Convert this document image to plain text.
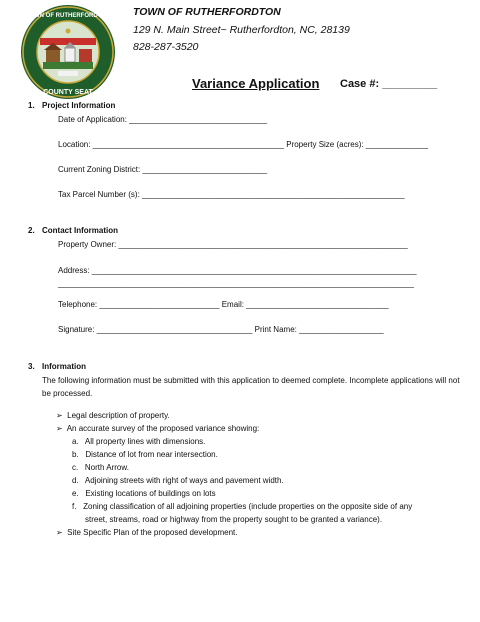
TOWN OF RUTHERFORDTON
COUNTY SEAT
TOWN OF RUTHERFORDTON
129 N. Main Street~ Rutherfordton, NC, 28139
828-287-3520
Variance Application Case #: _________
1. Project Information
Date of Application: _______________________________
Location: ___________________________________________ Property Size (acres): ______________
Current Zoning District: ____________________________
Tax Parcel Number (s): ___________________________________________________________
2. Contact Information
Property Owner: _________________________________________________________________
Address: _________________________________________________________________________
________________________________________________________________________________
Telephone: ___________________________ Email: ________________________________
Signature: ___________________________________ Print Name: ___________________
3. Information
The following information must be submitted with this application to deemed complete. Incomplete applications will not be processed.
➢ Legal description of property.
➢ An accurate survey of the proposed variance showing:
a. All property lines with dimensions.
b. Distance of lot from near intersection.
c. North Arrow.
d. Adjoining streets with right of ways and pavement width.
e. Existing locations of buildings on lots
f. Zoning classification of all adjoining properties (include properties on the opposite side of any
street, streams, road or highway from the property sought to be granted a variance).
➢ Site Specific Plan of the proposed development.
